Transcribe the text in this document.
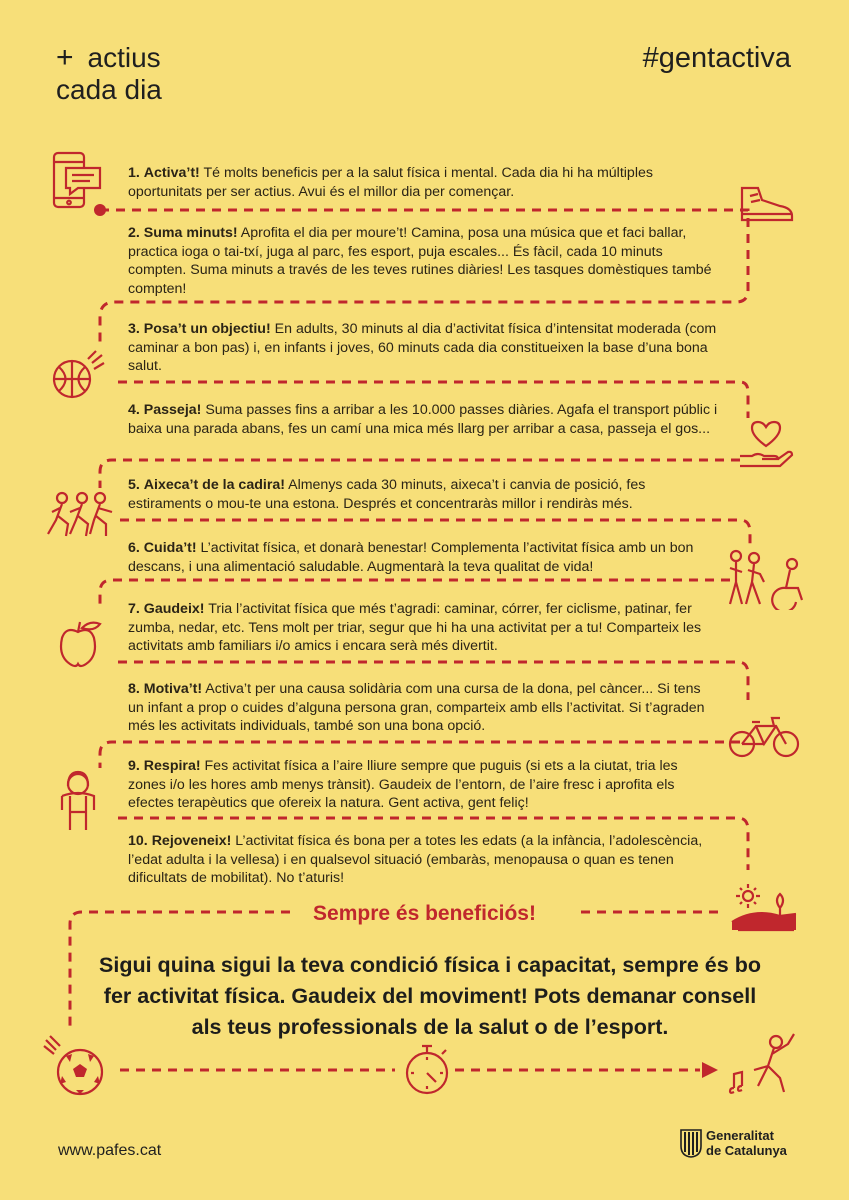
+ actius
cada dia
#gentactiva
1. Activa’t! Té molts beneficis per a la salut física i mental. Cada dia hi ha múltiples oportunitats per ser actius. Avui és el millor dia per començar.
2. Suma minuts! Aprofita el dia per moure’t! Camina, posa una música que et faci ballar, practica ioga o tai-txí, juga al parc, fes esport, puja escales... És fàcil, cada 10 minuts compten. Suma minuts a través de les teves rutines diàries! Les tasques domèstiques també compten!
3. Posa’t un objectiu! En adults, 30 minuts al dia d’activitat física d’intensitat moderada (com caminar a bon pas) i, en infants i joves, 60 minuts cada dia constitueixen la base d’una bona salut.
4. Passeja! Suma passes fins a arribar a les 10.000 passes diàries. Agafa el transport públic i baixa una parada abans, fes un camí una mica més llarg per arribar a casa, passeja el gos...
5. Aixeca’t de la cadira! Almenys cada 30 minuts, aixeca’t i canvia de posició, fes estiraments o mou-te una estona. Després et concentraràs millor i rendiràs més.
6. Cuida’t! L’activitat física, et donarà benestar! Complementa l’activitat física amb un bon descans, i una alimentació saludable. Augmentarà la teva qualitat de vida!
7. Gaudeix! Tria l’activitat física que més t’agradi: caminar, córrer, fer ciclisme, patinar, fer zumba, nedar, etc. Tens molt per triar, segur que hi ha una activitat per a tu! Comparteix les activitats amb familiars i/o amics i encara serà més divertit.
8. Motiva’t! Activa’t per una causa solidària com una cursa de la dona, pel càncer... Si tens un infant a prop o cuides d’alguna persona gran, comparteix amb ells l’activitat. Si t’agraden més les activitats individuals, també son una bona opció.
9. Respira! Fes activitat física a l’aire lliure sempre que puguis (si ets a la ciutat, tria les zones i/o les hores amb menys trànsit). Gaudeix de l’entorn, de l’aire fresc i aprofita els efectes terapèutics que ofereix la natura. Gent activa, gent feliç!
10. Rejoveneix! L’activitat física és bona per a totes les edats (a la infància, l’adolescència, l’edat adulta i la vellesa) i en qualsevol situació (embaràs, menopausa o quan es tenen dificultats de mobilitat). No t’aturis!
Sempre és beneficiós!
Sigui quina sigui la teva condició física i capacitat, sempre és bo fer activitat física. Gaudeix del moviment! Pots demanar consell als teus professionals de la salut o de l’esport.
www.pafes.cat
Generalitat
de Catalunya
